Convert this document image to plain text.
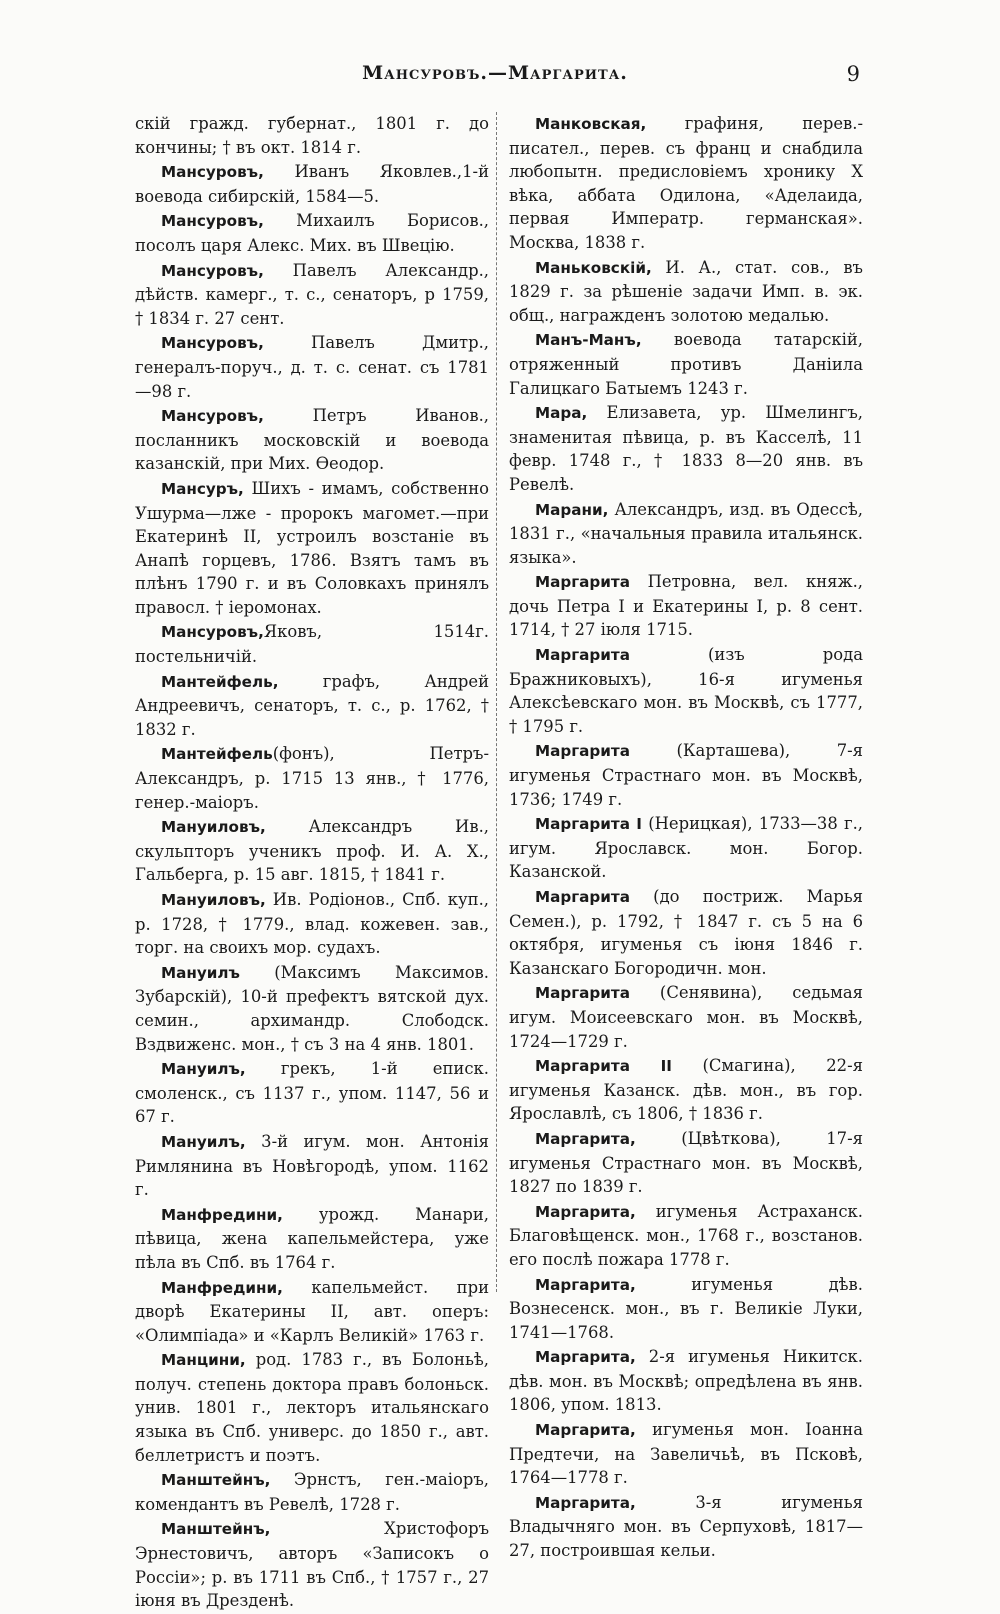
Мансуровъ.—Маргарита.	9

скій гражд. губернат., 1801 г. до кончины; † въ окт. 1814 г.

Мансуровъ, Иванъ Яковлев.,1-й воевода сибирскій, 1584—5.

Мансуровъ, Михаилъ Борисов., посолъ царя Алекс. Мих. въ Швецію.

Мансуровъ, Павелъ Александр., дѣйств. камерг., т. с., сенаторъ, р 1759, † 1834 г. 27 сент.

Мансуровъ, Павелъ Дмитр., генералъ-поруч., д. т. с. сенат. съ 1781—98 г.

Мансуровъ, Петръ Иванов., посланникъ московскій и воевода казанскій, при Мих. Ѳеодор.

Мансуръ, Шихъ - имамъ, собственно Ушурма—лже - пророкъ магомет.—при Екатеринѣ II, устроилъ возстаніе въ Анапѣ горцевъ, 1786. Взятъ тамъ въ плѣнъ 1790 г. и въ Соловкахъ принялъ правосл. † іеромонах.

Мансуровъ,Яковъ, 1514г. постельничій.

Мантейфель, графъ, Андрей Андреевичъ, сенаторъ, т. с., р. 1762, † 1832 г.

Мантейфель(фонъ), Петръ-Александръ, р. 1715 13 янв., † 1776, генер.-маіоръ.

Мануиловъ, Александръ Ив., скульпторъ ученикъ проф. И. А. Х., Гальберга, р. 15 авг. 1815, † 1841 г.

Мануиловъ, Ив. Родіонов., Спб. куп., р. 1728, † 1779., влад. кожевен. зав., торг. на своихъ мор. судахъ.

Мануилъ (Максимъ Максимов. Зубарскій), 10-й префектъ вятской дух. семин., архимандр. Слободск. Вздвиженс. мон., † съ 3 на 4 янв. 1801.

Мануилъ, грекъ, 1-й еписк. смоленск., съ 1137 г., упом. 1147, 56 и 67 г.

Мануилъ, 3-й игум. мон. Антонія Римлянина въ Новѣгородѣ, упом. 1162 г.

Манфредини, урожд. Манари, пѣвица, жена капельмейстера, уже пѣла въ Спб. въ 1764 г.

Манфредини, капельмейст. при дворѣ Екатерины II, авт. оперъ: «Олимпіада» и «Карлъ Великій» 1763 г.

Манцини, род. 1783 г., въ Болоньѣ, получ. степень доктора правъ болоньск. унив. 1801 г., лекторъ итальянскаго языка въ Спб. универс. до 1850 г., авт. беллетристъ и поэтъ.

Манштейнъ, Эрнстъ, ген.-маіоръ, комендантъ въ Ревелѣ, 1728 г.

Манштейнъ, Христофоръ Эрнестовичъ, авторъ «Записокъ о Россіи»; р. въ 1711 въ Спб., † 1757 г., 27 іюня въ Дрезденѣ.

Манковская, графиня, перев.-писател., перев. съ франц и снабдила любопытн. предисловіемъ хронику X вѣка, аббата Одилона, «Аделаида, первая Императр. германская». Москва, 1838 г.

Маньковскій, И. А., стат. сов., въ 1829 г. за рѣшеніе задачи Имп. в. эк. общ., награжденъ золотою медалью.

Манъ-Манъ, воевода татарскій, отряженный противъ Даніила Галицкаго Батыемъ 1243 г.

Мара, Елизавета, ур. Шмелингъ, знаменитая пѣвица, р. въ Касселѣ, 11 февр. 1748 г., † 1833 8—20 янв. въ Ревелѣ.

Марани, Александръ, изд. въ Одессѣ, 1831 г., «начальныя правила итальянск. языка».

Маргарита Петровна, вел. княж., дочь Петра I и Екатерины I, р. 8 сент. 1714, † 27 іюля 1715.

Маргарита (изъ рода Бражниковыхъ), 16-я игуменья Алексѣевскаго мон. въ Москвѣ, съ 1777, † 1795 г.

Маргарита (Карташева), 7-я игуменья Страстнаго мон. въ Москвѣ, 1736; 1749 г.

Маргарита I (Нерицкая), 1733—38 г., игум. Ярославск. мон. Богор. Казанской.

Маргарита (до постриж. Марья Семен.), р. 1792, † 1847 г. съ 5 на 6 октября, игуменья съ іюня 1846 г. Казанскаго Богородичн. мон.

Маргарита (Сенявина), седьмая игум. Моисеевскаго мон. въ Москвѣ, 1724—1729 г.

Маргарита II (Смагина), 22-я игуменья Казанск. дѣв. мон., въ гор. Ярославлѣ, съ 1806, † 1836 г.

Маргарита, (Цвѣткова), 17-я игуменья Страстнаго мон. въ Москвѣ, 1827 по 1839 г.

Маргарита, игуменья Астраханск. Благовѣщенск. мон., 1768 г., возстанов. его послѣ пожара 1778 г.

Маргарита, игуменья дѣв. Вознесенск. мон., въ г. Великіе Луки, 1741—1768.

Маргарита, 2-я игуменья Никитск. дѣв. мон. въ Москвѣ; опредѣлена въ янв. 1806, упом. 1813.

Маргарита, игуменья мон. Іоанна Предтечи, на Завеличьѣ, въ Псковѣ, 1764—1778 г.

Маргарита, 3-я игуменья Владычняго мон. въ Серпуховѣ, 1817—27, построившая кельи.
